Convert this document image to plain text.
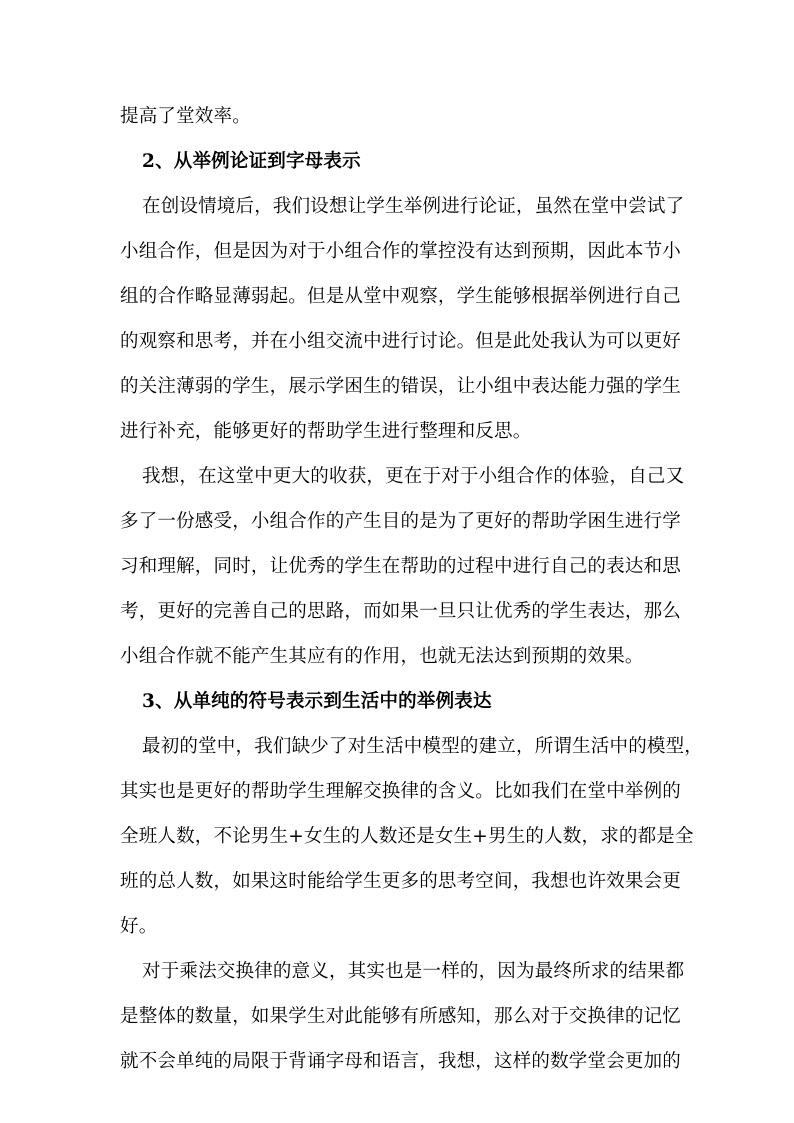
提高了堂效率。
2、从举例论证到字母表示
在创设情境后，我们设想让学生举例进行论证，虽然在堂中尝试了
小组合作，但是因为对于小组合作的掌控没有达到预期，因此本节小
组的合作略显薄弱起。但是从堂中观察，学生能够根据举例进行自己
的观察和思考，并在小组交流中进行讨论。但是此处我认为可以更好
的关注薄弱的学生，展示学困生的错误，让小组中表达能力强的学生
进行补充，能够更好的帮助学生进行整理和反思。
我想，在这堂中更大的收获，更在于对于小组合作的体验，自己又
多了一份感受，小组合作的产生目的是为了更好的帮助学困生进行学
习和理解，同时，让优秀的学生在帮助的过程中进行自己的表达和思
考，更好的完善自己的思路，而如果一旦只让优秀的学生表达，那么
小组合作就不能产生其应有的作用，也就无法达到预期的效果。
3、从单纯的符号表示到生活中的举例表达
最初的堂中，我们缺少了对生活中模型的建立，所谓生活中的模型，
其实也是更好的帮助学生理解交换律的含义。比如我们在堂中举例的
全班人数，不论男生+女生的人数还是女生+男生的人数，求的都是全
班的总人数，如果这时能给学生更多的思考空间，我想也许效果会更
好。
对于乘法交换律的意义，其实也是一样的，因为最终所求的结果都
是整体的数量，如果学生对此能够有所感知，那么对于交换律的记忆
就不会单纯的局限于背诵字母和语言，我想，这样的数学堂会更加的
